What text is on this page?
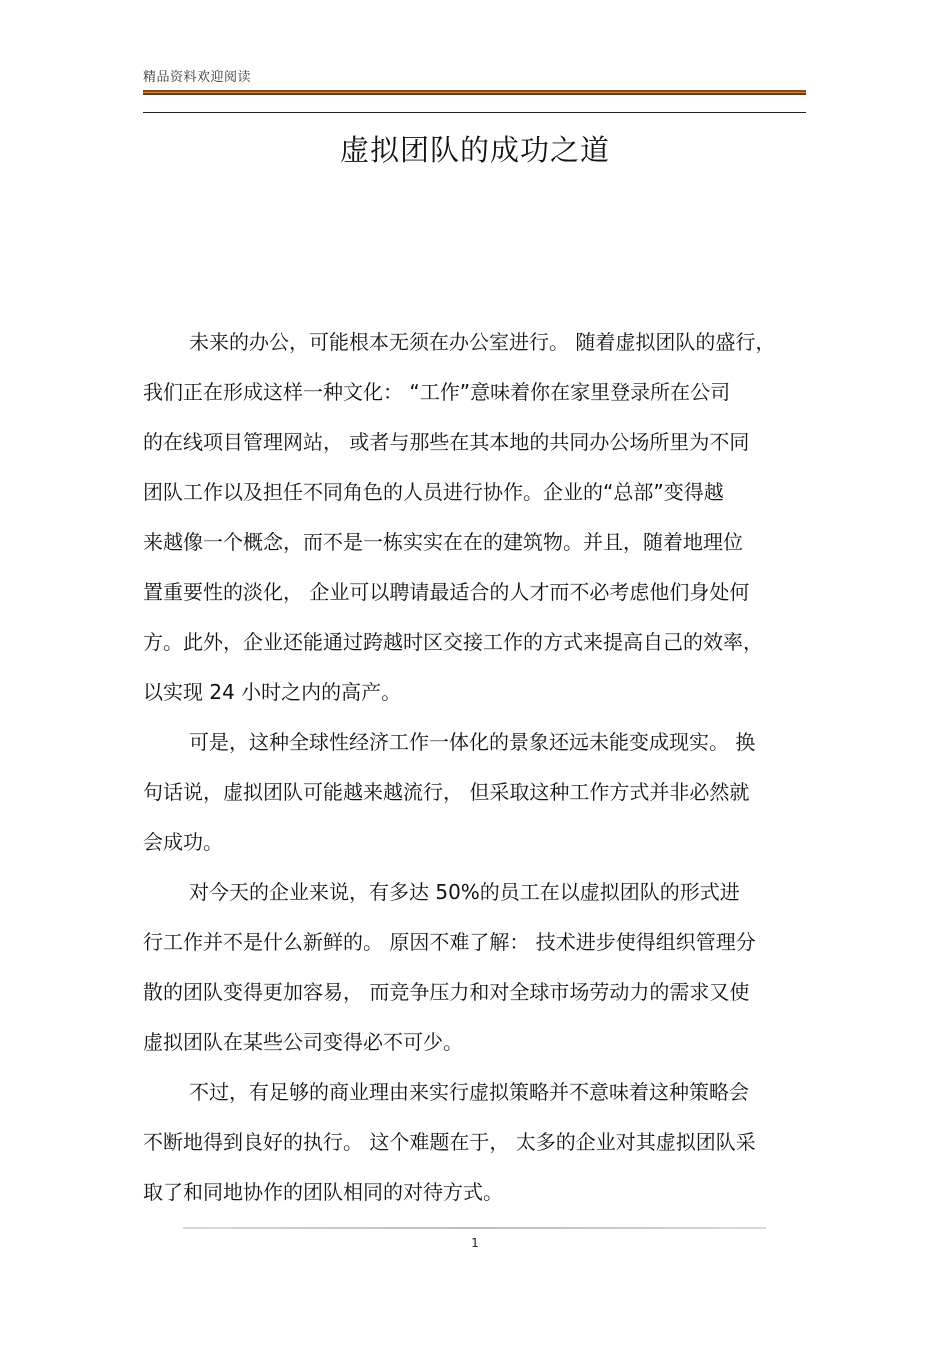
精品资料欢迎阅读
虚拟团队的成功之道
未来的办公，可能根本无须在办公室进行。 随着虚拟团队的盛行，
我们正在形成这样一种文化： “工作”意味着你在家里登录所在公司
的在线项目管理网站， 或者与那些在其本地的共同办公场所里为不同
团队工作以及担任不同角色的人员进行协作。企业的“总部”变得越
来越像一个概念，而不是一栋实实在在的建筑物。并且，随着地理位
置重要性的淡化， 企业可以聘请最适合的人才而不必考虑他们身处何
方。此外，企业还能通过跨越时区交接工作的方式来提高自己的效率，
以实现 24 小时之内的高产。
可是，这种全球性经济工作一体化的景象还远未能变成现实。 换
句话说，虚拟团队可能越来越流行， 但采取这种工作方式并非必然就
会成功。
对今天的企业来说，有多达 50%的员工在以虚拟团队的形式进
行工作并不是什么新鲜的。 原因不难了解： 技术进步使得组织管理分
散的团队变得更加容易， 而竞争压力和对全球市场劳动力的需求又使
虚拟团队在某些公司变得必不可少。
不过，有足够的商业理由来实行虚拟策略并不意味着这种策略会
不断地得到良好的执行。 这个难题在于， 太多的企业对其虚拟团队采
取了和同地协作的团队相同的对待方式。
1
